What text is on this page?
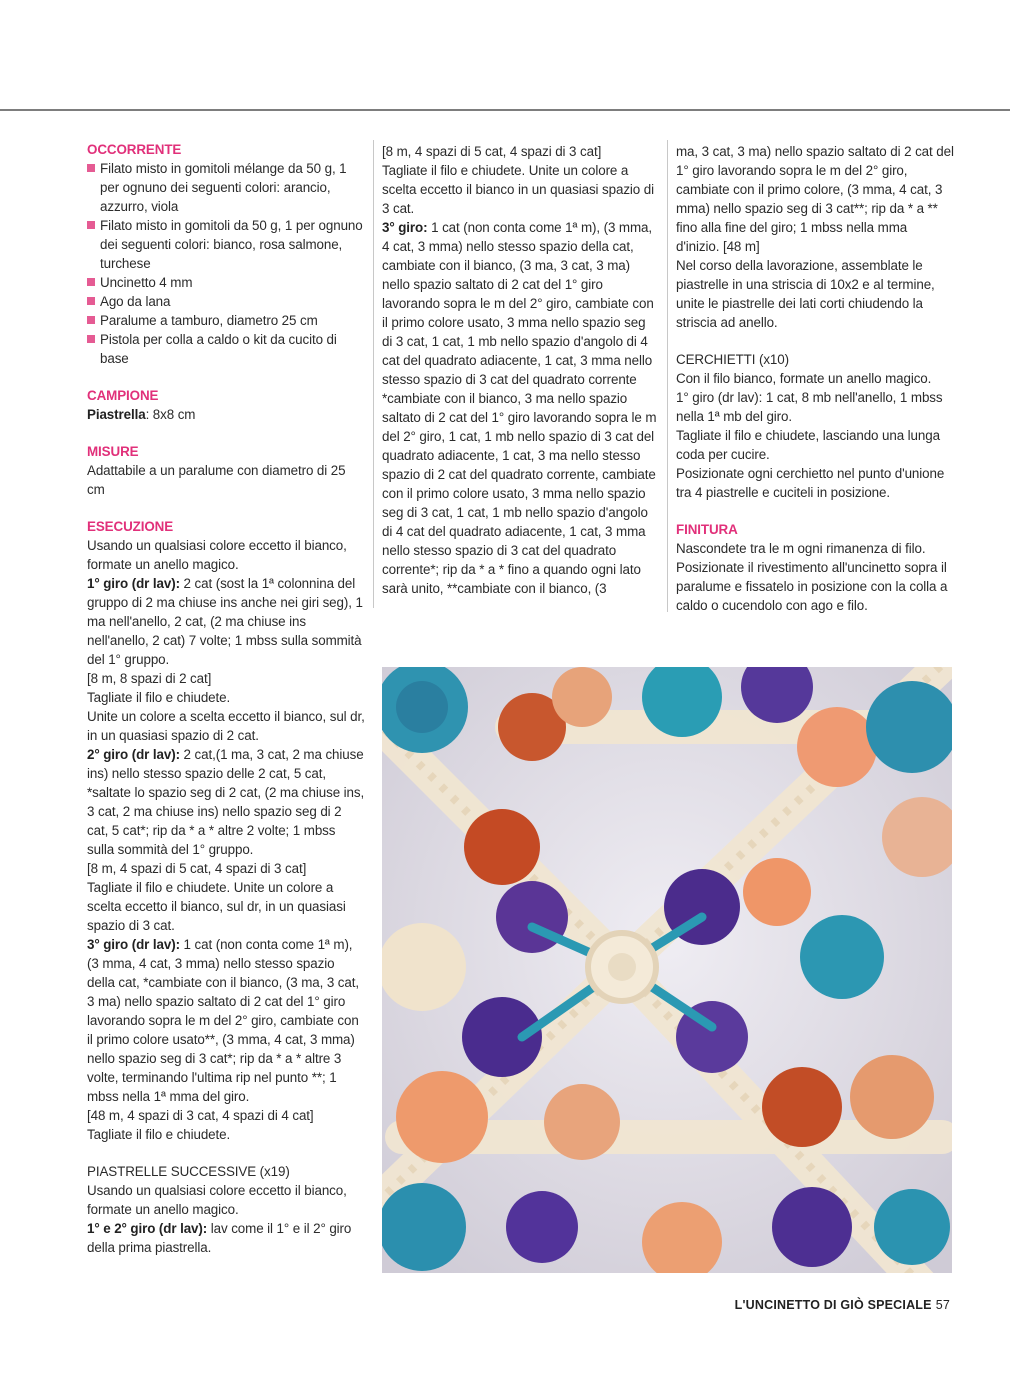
OCCORRENTE

Filato misto in gomitoli mélange da 50 g, 1 per ognuno dei seguenti colori: arancio, azzurro, viola
Filato misto in gomitoli da 50 g, 1 per ognuno dei seguenti colori: bianco, rosa salmone, turchese
Uncinetto 4 mm
Ago da lana
Paralume a tamburo, diametro 25 cm
Pistola per colla a caldo o kit da cucito di base

CAMPIONE

Piastrella: 8x8 cm

MISURE

Adattabile a un paralume con diametro di 25 cm

ESECUZIONE

Usando un qualsiasi colore eccetto il bianco, formate un anello magico.

1° giro (dr lav): 2 cat (sost la 1ª colonnina del gruppo di 2 ma chiuse ins anche nei giri seg), 1 ma nell'anello, 2 cat, (2 ma chiuse ins nell'anello, 2 cat) 7 volte; 1 mbss sulla sommità del 1° gruppo.

[8 m, 8 spazi di 2 cat]

Tagliate il filo e chiudete.

Unite un colore a scelta eccetto il bianco, sul dr, in un quasiasi spazio di 2 cat.

2° giro (dr lav): 2 cat,(1 ma, 3 cat, 2 ma chiuse ins) nello stesso spazio delle 2 cat, 5 cat, *saltate lo spazio seg di 2 cat, (2 ma chiuse ins, 3 cat, 2 ma chiuse ins) nello spazio seg di 2 cat, 5 cat*; rip da * a * altre 2 volte; 1 mbss sulla sommità del 1° gruppo.

[8 m, 4 spazi di 5 cat, 4 spazi di 3 cat]

Tagliate il filo e chiudete. Unite un colore a scelta eccetto il bianco, sul dr, in un quasiasi spazio di 3 cat.

3° giro (dr lav): 1 cat (non conta come 1ª m), (3 mma, 4 cat, 3 mma) nello stesso spazio della cat, *cambiate con il bianco, (3 ma, 3 cat, 3 ma) nello spazio saltato di 2 cat del 1° giro lavorando sopra le m del 2° giro, cambiate con il primo colore usato**, (3 mma, 4 cat, 3 mma) nello spazio seg di 3 cat*; rip da * a * altre 3 volte, terminando l'ultima rip nel punto **; 1 mbss nella 1ª mma del giro.

[48 m, 4 spazi di 3 cat, 4 spazi di 4 cat]

Tagliate il filo e chiudete.

PIASTRELLE SUCCESSIVE (x19)

Usando un qualsiasi colore eccetto il bianco, formate un anello magico.

1° e 2° giro (dr lav): lav come il 1° e il 2° giro della prima piastrella.

[8 m, 4 spazi di 5 cat, 4 spazi di 3 cat]

Tagliate il filo e chiudete. Unite un colore a scelta eccetto il bianco in un quasiasi spazio di 3 cat.

3° giro: 1 cat (non conta come 1ª m), (3 mma, 4 cat, 3 mma) nello stesso spazio della cat, cambiate con il bianco, (3 ma, 3 cat, 3 ma) nello spazio saltato di 2 cat del 1° giro lavorando sopra le m del 2° giro, cambiate con il primo colore usato, 3 mma nello spazio seg di 3 cat, 1 cat, 1 mb nello spazio d'angolo di 4 cat del quadrato adiacente, 1 cat, 3 mma nello stesso spazio di 3 cat del quadrato corrente *cambiate con il bianco, 3 ma nello spazio saltato di 2 cat del 1° giro lavorando sopra le m del 2° giro, 1 cat, 1 mb nello spazio di 3 cat del quadrato adiacente, 1 cat, 3 ma nello stesso spazio di 2 cat del quadrato corrente, cambiate con il primo colore usato, 3 mma nello spazio seg di 3 cat, 1 cat, 1 mb nello spazio d'angolo di 4 cat del quadrato adiacente, 1 cat, 3 mma nello stesso spazio di 3 cat del quadrato corrente*; rip da * a * fino a quando ogni lato sarà unito, **cambiate con il bianco, (3

ma, 3 cat, 3 ma) nello spazio saltato di 2 cat del 1° giro lavorando sopra le m del 2° giro, cambiate con il primo colore, (3 mma, 4 cat, 3 mma) nello spazio seg di 3 cat**; rip da * a ** fino alla fine del giro; 1 mbss nella mma d'inizio. [48 m]

Nel corso della lavorazione, assemblate le piastrelle in una striscia di 10x2 e al termine, unite le piastrelle dei lati corti chiudendo la striscia ad anello.

CERCHIETTI (x10)

Con il filo bianco, formate un anello magico.

1° giro (dr lav): 1 cat, 8 mb nell'anello, 1 mbss nella 1ª mb del giro.

Tagliate il filo e chiudete, lasciando una lunga coda per cucire.

Posizionate ogni cerchietto nel punto d'unione tra 4 piastrelle e cuciteli in posizione.

FINITURA

Nascondete tra le m ogni rimanenza di filo. Posizionate il rivestimento all'uncinetto sopra il paralume e fissatelo in posizione con la colla a caldo o cucendolo con ago e filo.

L'UNCINETTO DI GIÒ SPECIALE 57
